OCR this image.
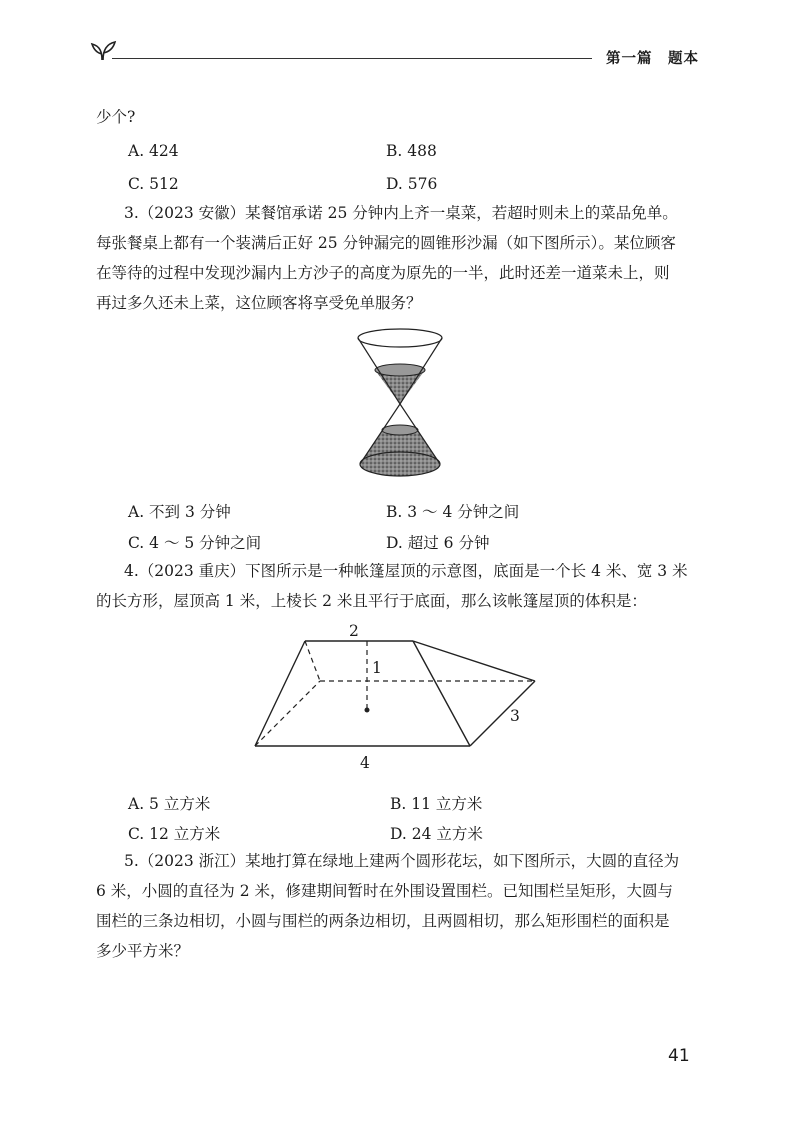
第一篇　题本
少个?
A. 424	B. 488
C. 512	D. 576
3.（2023 安徽）某餐馆承诺 25 分钟内上齐一桌菜，若超时则未上的菜品免单。
每张餐桌上都有一个装满后正好 25 分钟漏完的圆锥形沙漏（如下图所示）。某位顾客
在等待的过程中发现沙漏内上方沙子的高度为原先的一半，此时还差一道菜未上，则
再过多久还未上菜，这位顾客将享受免单服务？
A. 不到 3 分钟	B. 3 ～ 4 分钟之间
C. 4 ～ 5 分钟之间	D. 超过 6 分钟
4.（2023 重庆）下图所示是一种帐篷屋顶的示意图，底面是一个长 4 米、宽 3 米
的长方形，屋顶高 1 米，上棱长 2 米且平行于底面，那么该帐篷屋顶的体积是：
2
1
3
4
A. 5 立方米	B. 11 立方米
C. 12 立方米	D. 24 立方米
5.（2023 浙江）某地打算在绿地上建两个圆形花坛，如下图所示，大圆的直径为
6 米，小圆的直径为 2 米，修建期间暂时在外围设置围栏。已知围栏呈矩形，大圆与
围栏的三条边相切，小圆与围栏的两条边相切，且两圆相切，那么矩形围栏的面积是
多少平方米？
41
